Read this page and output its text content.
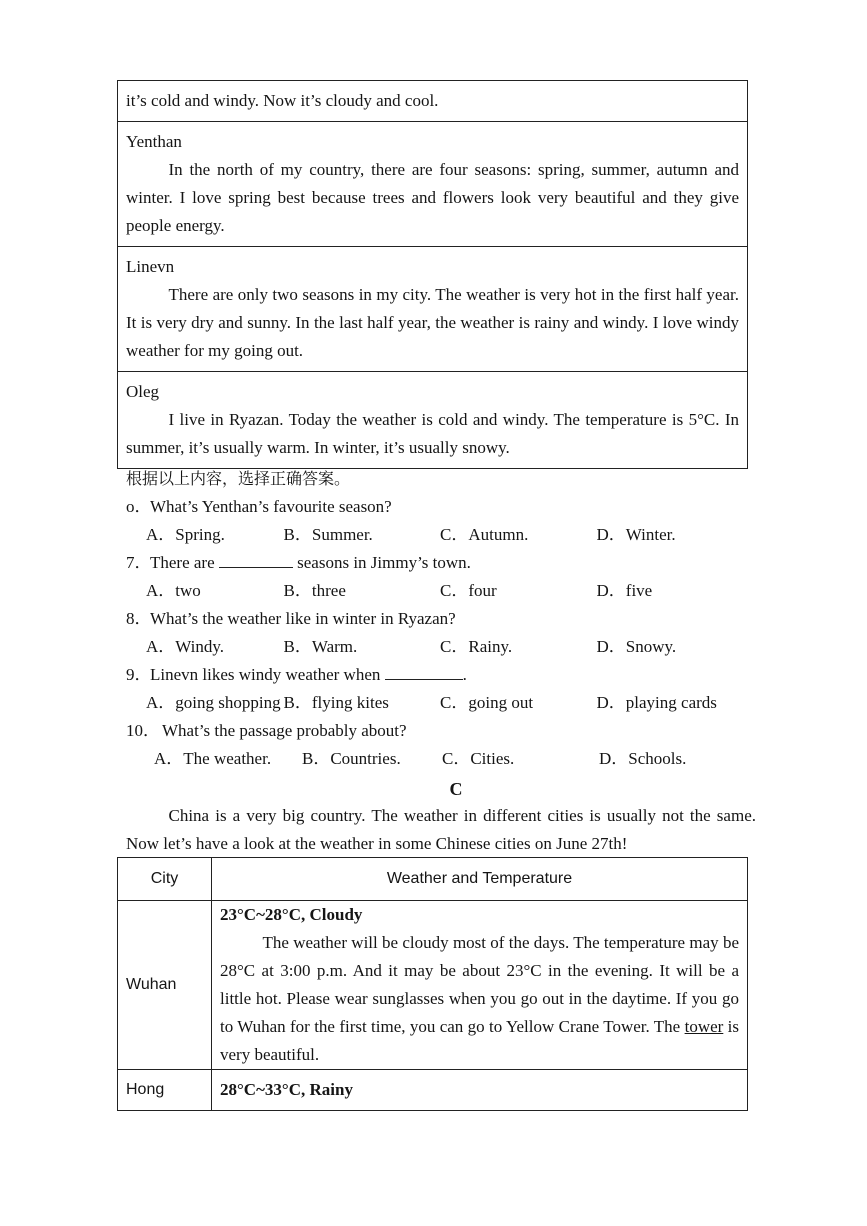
it’s cold and windy. Now it’s cloudy and cool.

Yenthan

In the north of my country, there are four seasons: spring, summer, autumn and winter. I love spring best because trees and flowers look very beautiful and they give people energy.

Linevn

There are only two seasons in my city. The weather is very hot in the first half year. It is very dry and sunny. In the last half year, the weather is rainy and windy. I love windy weather for my going out.

Oleg

I live in Ryazan. Today the weather is cold and windy. The temperature is 5°C. In summer, it’s usually warm. In winter, it’s usually snowy.

根据以上内容，选择正确答案。
o．What’s Yenthan’s favourite season?
A．Spring.	B．Summer.	C．Autumn.	D．Winter.
7．There are	seasons in Jimmy’s town.
A．two	B．three	C．four	D．five
8．What’s the weather like in winter in Ryazan?
A．Windy.	B．Warm.	C．Rainy.	D．Snowy.
9．Linevn likes windy weather when	.
A．going shopping B．flying kites	C．going out	D．playing cards
10． What’s the passage probably about?
A．The weather.	B．Countries.	C．Cities.	D．Schools.
C

China is a very big country. The weather in different cities is usually not the same. Now let’s have a look at the weather in some Chinese cities on June 27th!

City	Weather and Temperature
Wuhan	23°C~28°C, Cloudy

The weather will be cloudy most of the days. The temperature may be 28°C at 3:00 p.m. And it may be about 23°C in the evening. It will be a little hot. Please wear sunglasses when you go out in the daytime. If you go to Wuhan for the first time, you can go to Yellow Crane Tower. The tower is very beautiful.

Hong	28°C~33°C, Rainy
